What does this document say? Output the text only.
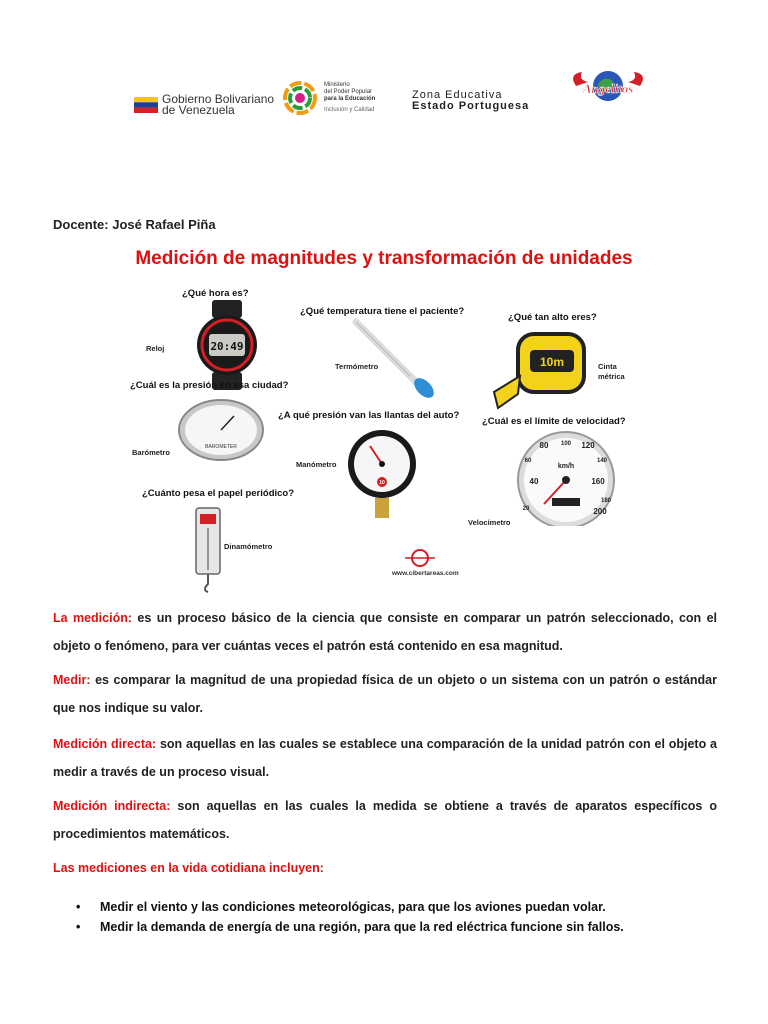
Gobierno Bolivariano
de Venezuela
Ministerio
del Poder Popular
para la Educación
Inclusión y Calidad
Zona Educativa
Estado Portuguesa
Angelitos
Docente: José Rafael Piña
Medición de magnitudes y transformación de unidades
¿Qué hora es?
20:49
Reloj
¿Qué temperatura tiene el paciente?
Termómetro
¿Qué tan alto eres?
10m	Cinta
métrica
¿Cuál es la presión en esa ciudad?
BAROMETER
Barómetro
¿A qué presión van las llantas del auto?
10
Manómetro
¿Cuál es el límite de velocidad?
20
40
60
80 100 120
140
160
180
200
km/h
Velocímetro
¿Cuánto pesa el papel periódico?
Dinamómetro
www.cibertareas.com
La medición: es un proceso básico de la ciencia que consiste en comparar un patrón seleccionado, con el objeto o fenómeno, para ver cuántas veces el patrón está contenido en esa magnitud.
Medir: es comparar la magnitud de una propiedad física de un objeto o un sistema con un patrón o estándar que nos indique su valor.
Medición directa: son aquellas en las cuales se establece una comparación de la unidad patrón con el objeto a medir a través de un proceso visual.
Medición indirecta: son aquellas en las cuales la medida se obtiene a través de aparatos específicos o procedimientos matemáticos.
Las mediciones en la vida cotidiana incluyen:
• Medir el viento y las condiciones meteorológicas, para que los aviones puedan volar.
• Medir la demanda de energía de una región, para que la red eléctrica funcione sin fallos.
